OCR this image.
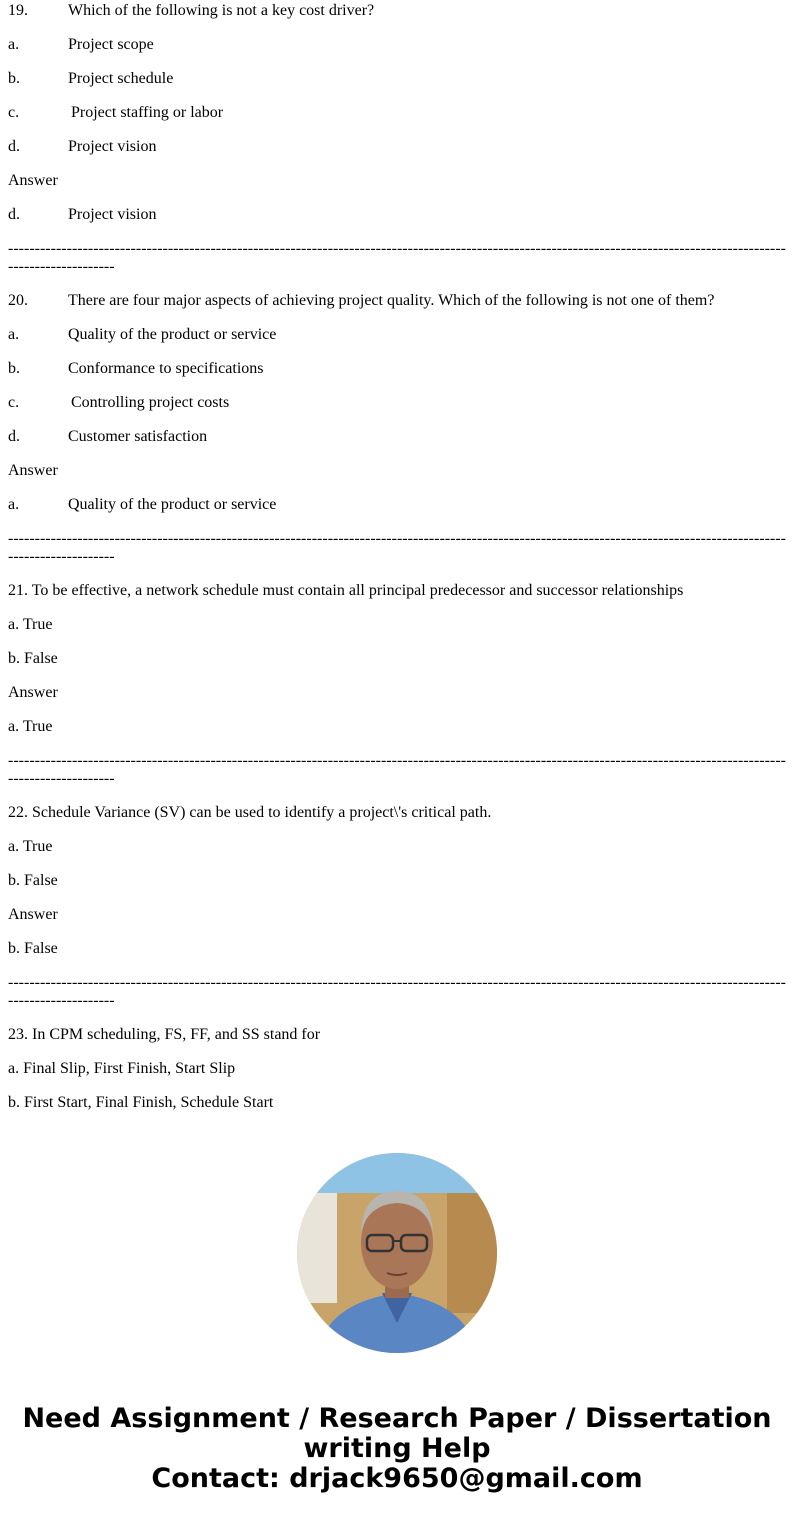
19.	Which of the following is not a key cost driver?

a.	Project scope

b.	Project schedule

c.	Project staffing or labor

d.	Project vision

Answer

d.	Project vision

----------------------------------------------------------------------------------------------------------------------------------------------------------------------

20.	There are four major aspects of achieving project quality. Which of the following is not one of them?

a.	Quality of the product or service

b.	Conformance to specifications

c.	Controlling project costs

d.	Customer satisfaction

Answer

a.	Quality of the product or service

----------------------------------------------------------------------------------------------------------------------------------------------------------------------

21. To be effective, a network schedule must contain all principal predecessor and successor relationships

a. True

b. False

Answer

a. True

----------------------------------------------------------------------------------------------------------------------------------------------------------------------

22. Schedule Variance (SV) can be used to identify a project\'s critical path.

a. True

b. False

Answer

b. False

----------------------------------------------------------------------------------------------------------------------------------------------------------------------

23. In CPM scheduling, FS, FF, and SS stand for

a. Final Slip, First Finish, Start Slip

b. First Start, Final Finish, Schedule Start

Need Assignment / Research Paper / Dissertation
writing Help
Contact: drjack9650@gmail.com
